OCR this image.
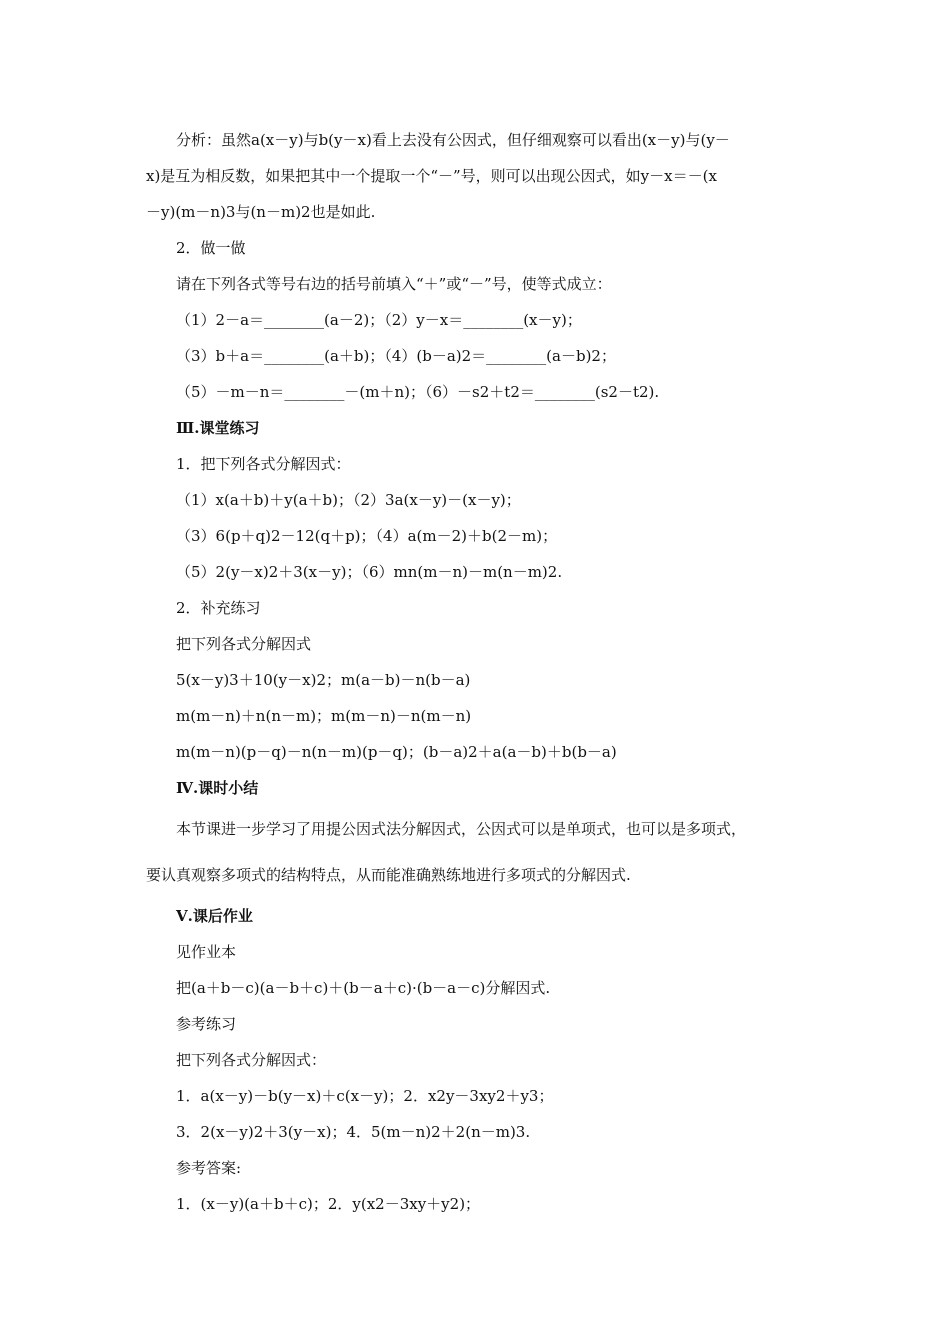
分析：虽然a(x－y)与b(y－x)看上去没有公因式，但仔细观察可以看出(x－y)与(y－
x)是互为相反数，如果把其中一个提取一个“－”号，则可以出现公因式，如y－x＝－(x
－y)(m－n)3与(n－m)2也是如此.
2．做一做
请在下列各式等号右边的括号前填入“＋”或“－”号，使等式成立：
（1）2－a＝________(a－2)；（2）y－x＝________(x－y)；
（3）b＋a＝________(a＋b)；（4）(b－a)2＝________(a－b)2；
（5）－m－n＝________－(m＋n)；（6）－s2＋t2＝________(s2－t2).
Ⅲ.课堂练习
1．把下列各式分解因式：
（1）x(a＋b)＋y(a＋b)；（2）3a(x－y)－(x－y)；
（3）6(p＋q)2－12(q＋p)；（4）a(m－2)＋b(2－m)；
（5）2(y－x)2＋3(x－y)；（6）mn(m－n)－m(n－m)2.
2．补充练习
把下列各式分解因式
5(x－y)3＋10(y－x)2；m(a－b)－n(b－a)
m(m－n)＋n(n－m)；m(m－n)－n(m－n)
m(m－n)(p－q)－n(n－m)(p－q)；(b－a)2＋a(a－b)＋b(b－a)
Ⅳ.课时小结
本节课进一步学习了用提公因式法分解因式，公因式可以是单项式，也可以是多项式，
要认真观察多项式的结构特点，从而能准确熟练地进行多项式的分解因式.
Ⅴ.课后作业
见作业本
把(a＋b－c)(a－b＋c)＋(b－a＋c)·(b－a－c)分解因式.
参考练习
把下列各式分解因式：
1．a(x－y)－b(y－x)＋c(x－y)；2．x2y－3xy2＋y3；
3．2(x－y)2＋3(y－x)；4．5(m－n)2＋2(n－m)3.
参考答案:
1．(x－y)(a＋b＋c)；2．y(x2－3xy＋y2)；
